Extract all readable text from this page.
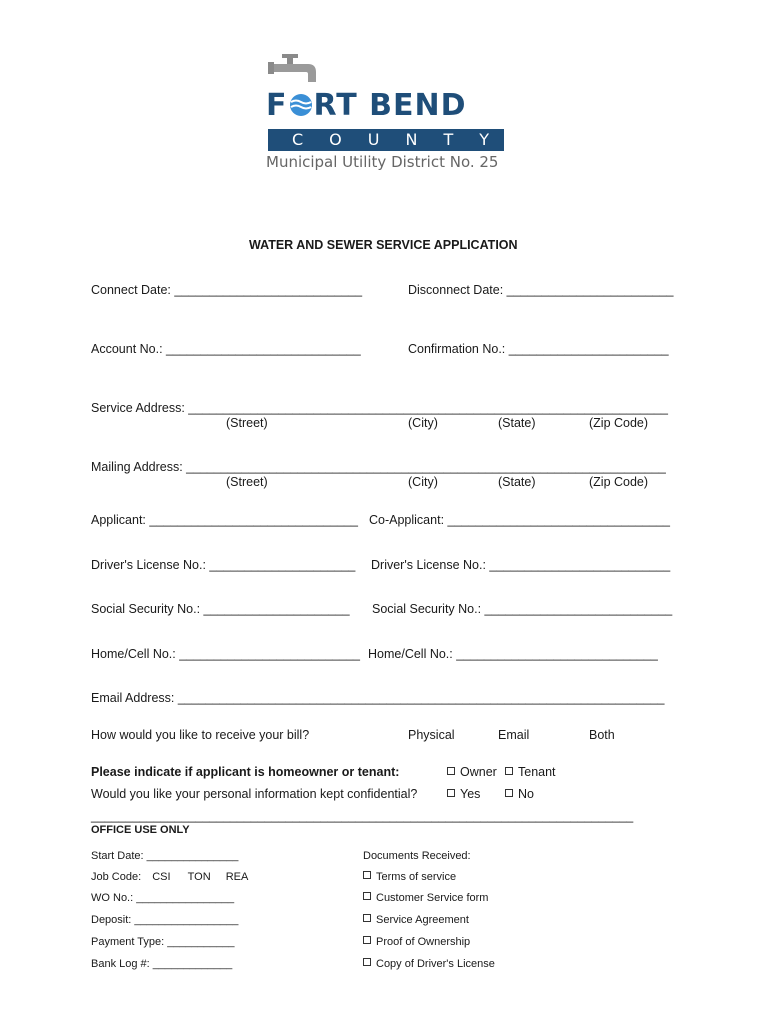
F RT BEND
COUNTY
Municipal Utility District No. 25
WATER AND SEWER SERVICE APPLICATION
Connect Date: ___________________________	Disconnect Date: ________________________
Account No.: ____________________________	Confirmation No.: _______________________
Service Address: _____________________________________________________________________
(Street)	(City)	(State)	(Zip Code)
Mailing Address: _____________________________________________________________________
(Street)	(City)	(State)	(Zip Code)
Applicant: ______________________________ Co-Applicant: ________________________________
Driver's License No.: _____________________ Driver's License No.: __________________________
Social Security No.: _____________________ Social Security No.: ___________________________
Home/Cell No.: __________________________ Home/Cell No.: _____________________________
Email Address: ______________________________________________________________________
How would you like to receive your bill?	Physical	Email	Both
Please indicate if applicant is homeowner or tenant:	Owner	Tenant
Would you like your personal information kept confidential?	Yes	No
______________________________________________________________________________
OFFICE USE ONLY
Start Date: _______________
Job Code: CSI TON REA
WO No.: ________________
Deposit: _________________
Payment Type: ___________
Bank Log #: _____________
Documents Received:
Terms of service
Customer Service form
Service Agreement
Proof of Ownership
Copy of Driver's License
